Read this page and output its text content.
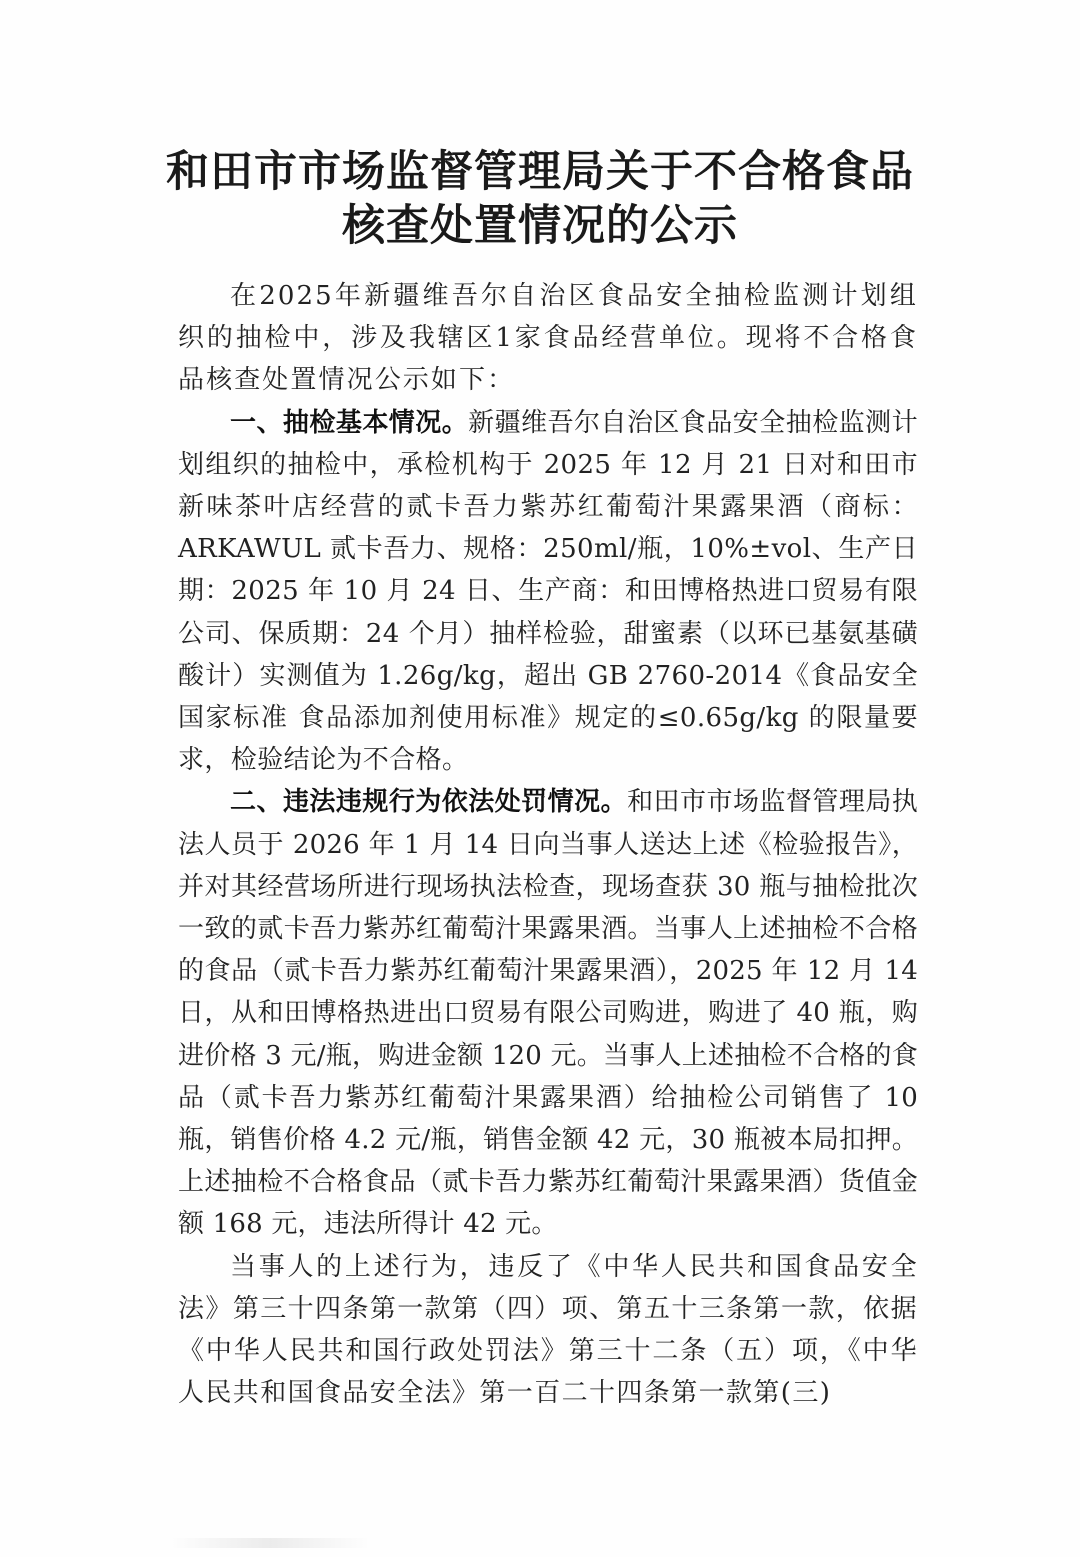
和田市市场监督管理局关于不合格食品
核查处置情况的公示

在2025年新疆维吾尔自治区食品安全抽检监测计划组织的抽检中，涉及我辖区1家食品经营单位。现将不合格食品核查处置情况公示如下：

一、抽检基本情况。新疆维吾尔自治区食品安全抽检监测计划组织的抽检中，承检机构于 2025 年 12 月 21 日对和田市新味茶叶店经营的贰卡吾力紫苏红葡萄汁果露果酒（商标：ARKAWUL 贰卡吾力、规格：250ml/瓶，10%±vol、生产日期：2025 年 10 月 24 日、生产商：和田博格热进口贸易有限公司、保质期：24 个月）抽样检验，甜蜜素（以环已基氨基磺酸计）实测值为 1.26g/kg，超出 GB 2760-2014《食品安全国家标准 食品添加剂使用标准》规定的≤0.65g/kg 的限量要求，检验结论为不合格。

二、违法违规行为依法处罚情况。和田市市场监督管理局执法人员于 2026 年 1 月 14 日向当事人送达上述《检验报告》，并对其经营场所进行现场执法检查，现场查获 30 瓶与抽检批次一致的贰卡吾力紫苏红葡萄汁果露果酒。当事人上述抽检不合格的食品（贰卡吾力紫苏红葡萄汁果露果酒），2025 年 12 月 14 日，从和田博格热进出口贸易有限公司购进，购进了 40 瓶，购进价格 3 元/瓶，购进金额 120 元。当事人上述抽检不合格的食品（贰卡吾力紫苏红葡萄汁果露果酒）给抽检公司销售了 10 瓶，销售价格 4.2 元/瓶，销售金额 42 元，30 瓶被本局扣押。上述抽检不合格食品（贰卡吾力紫苏红葡萄汁果露果酒）货值金额 168 元，违法所得计 42 元。

当事人的上述行为，违反了《中华人民共和国食品安全法》第三十四条第一款第（四）项、第五十三条第一款，依据《中华人民共和国行政处罚法》第三十二条（五）项，《中华人民共和国食品安全法》第一百二十四条第一款第(三)
